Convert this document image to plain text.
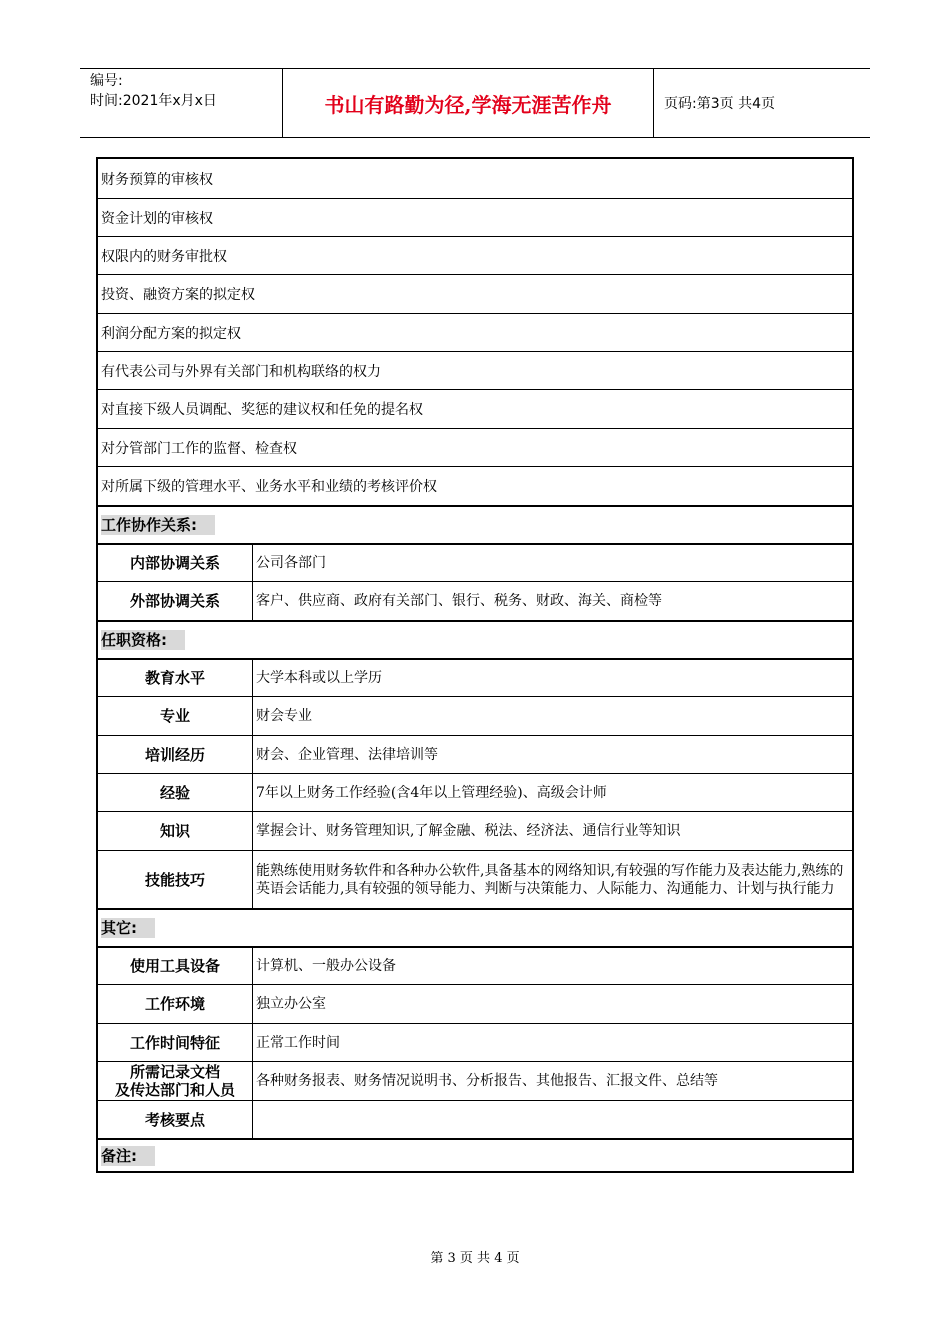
编号:
时间:2021年x月x日	书山有路勤为径,学海无涯苦作舟	页码:第3页 共4页
财务预算的审核权
资金计划的审核权
权限内的财务审批权
投资、融资方案的拟定权
利润分配方案的拟定权
有代表公司与外界有关部门和机构联络的权力
对直接下级人员调配、奖惩的建议权和任免的提名权
对分管部门工作的监督、检查权
对所属下级的管理水平、业务水平和业绩的考核评价权
工作协作关系:
内部协调关系	公司各部门
外部协调关系	客户、供应商、政府有关部门、银行、税务、财政、海关、商检等
任职资格:
教育水平	大学本科或以上学历
专业	财会专业
培训经历	财会、企业管理、法律培训等
经验	7年以上财务工作经验(含4年以上管理经验)、高级会计师
知识	掌握会计、财务管理知识,了解金融、税法、经济法、通信行业等知识
技能技巧	能熟练使用财务软件和各种办公软件,具备基本的网络知识,有较强的写作能力及表达能力,熟练的英语会话能力,具有较强的领导能力、判断与决策能力、人际能力、沟通能力、计划与执行能力
其它:
使用工具设备	计算机、一般办公设备
工作环境	独立办公室
工作时间特征	正常工作时间
所需记录文档
及传达部门和人员 各种财务报表、财务情况说明书、分析报告、其他报告、汇报文件、总结等
考核要点
备注:
第 3 页 共 4 页
